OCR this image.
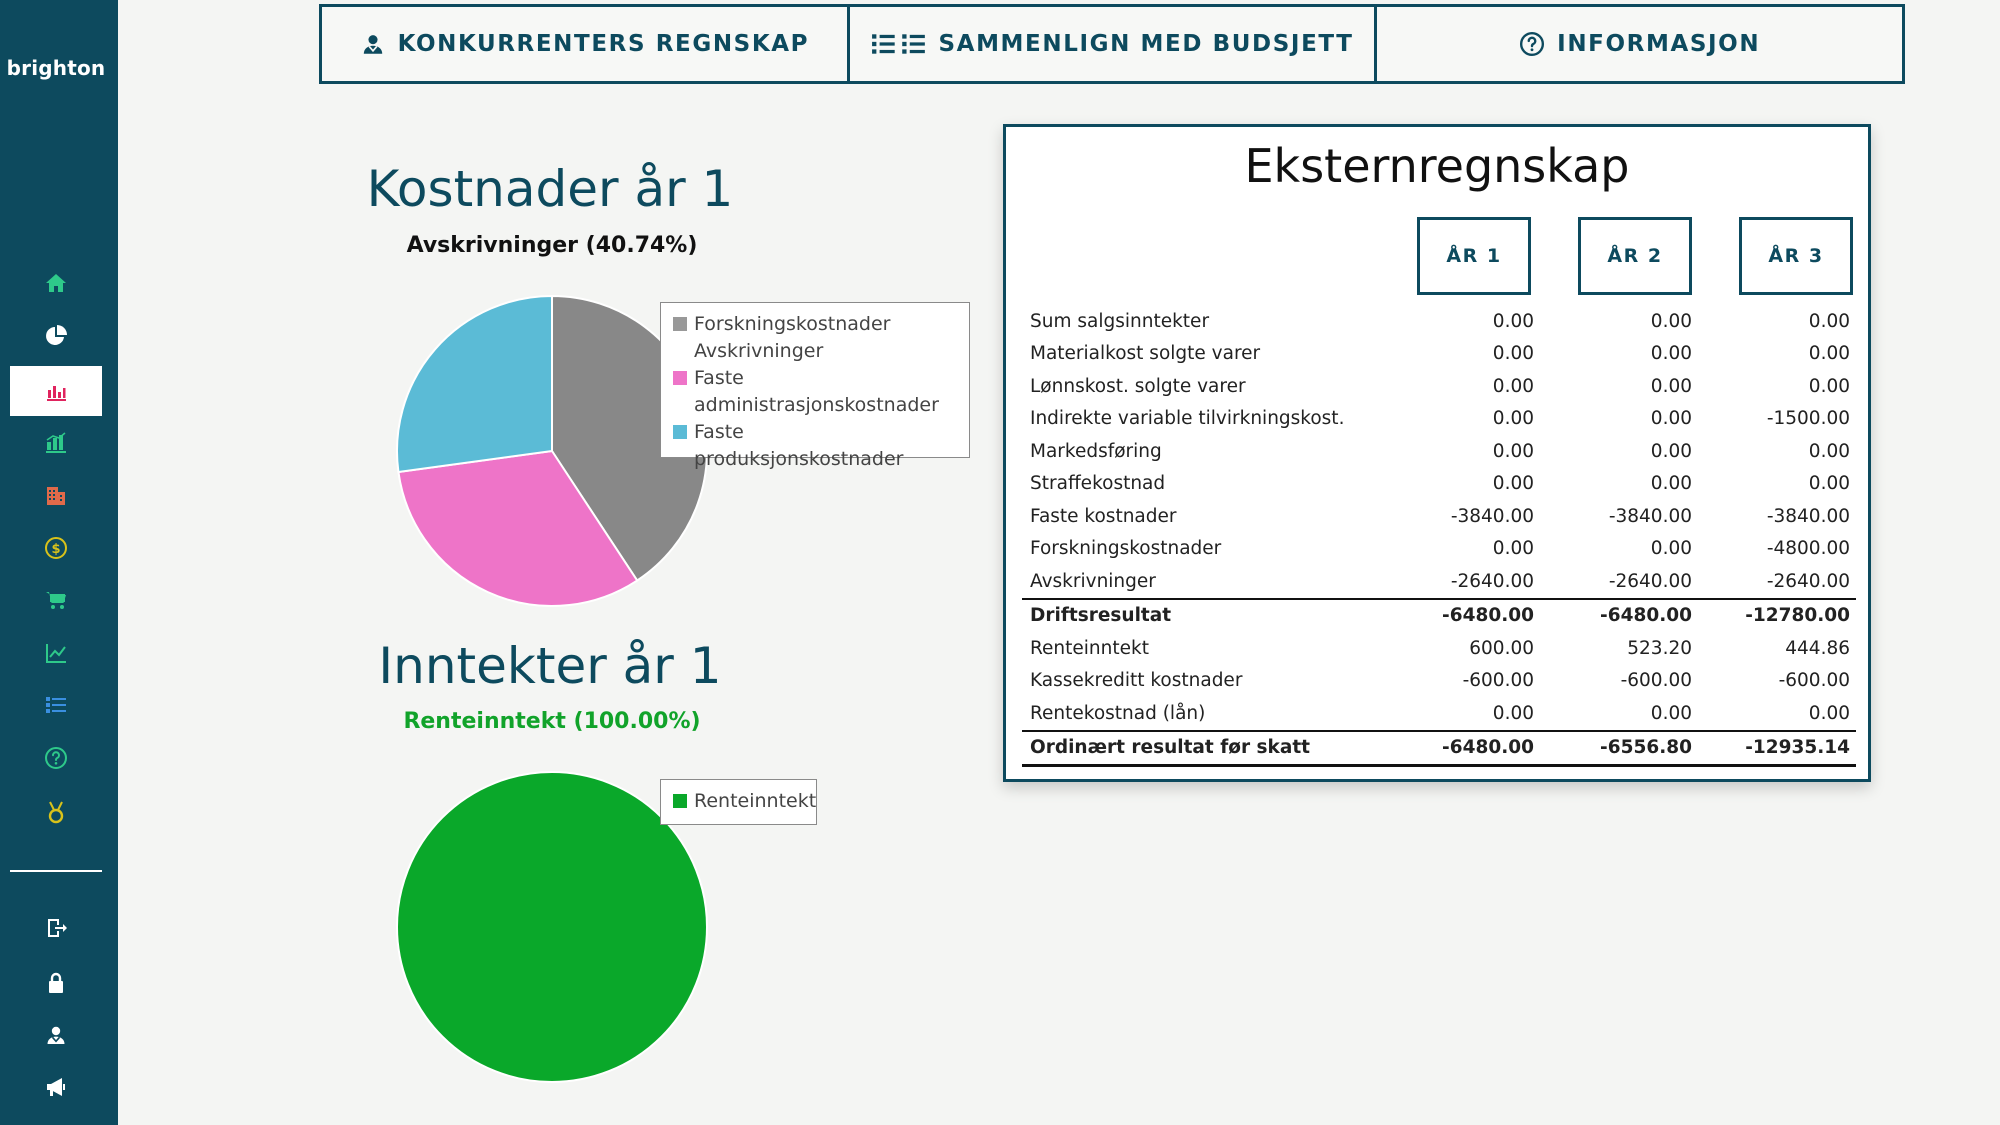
brighton
$
KONKURRENTERS REGNSKAP	SAMMENLIGN MED BUDSJETT	INFORMASJON
Kostnader år 1
Avskrivninger (40.74%)
Forskningskostnader
Avskrivninger
Faste administrasjonskostnader
Faste produksjonskostnader
Inntekter år 1
Renteinntekt (100.00%)
Renteinntekt
Eksternregnskap
ÅR 1	ÅR 2	ÅR 3
Sum salgsinntekter	0.00	0.00	0.00
Materialkost solgte varer	0.00	0.00	0.00
Lønnskost. solgte varer	0.00	0.00	0.00
Indirekte variable tilvirkningskost.	0.00	0.00	-1500.00
Markedsføring	0.00	0.00	0.00
Straffekostnad	0.00	0.00	0.00
Faste kostnader	-3840.00	-3840.00	-3840.00
Forskningskostnader	0.00	0.00	-4800.00
Avskrivninger	-2640.00	-2640.00	-2640.00
Driftsresultat	-6480.00	-6480.00	-12780.00
Renteinntekt	600.00	523.20	444.86
Kassekreditt kostnader	-600.00	-600.00	-600.00
Rentekostnad (lån)	0.00	0.00	0.00
Ordinært resultat før skatt	-6480.00	-6556.80	-12935.14
